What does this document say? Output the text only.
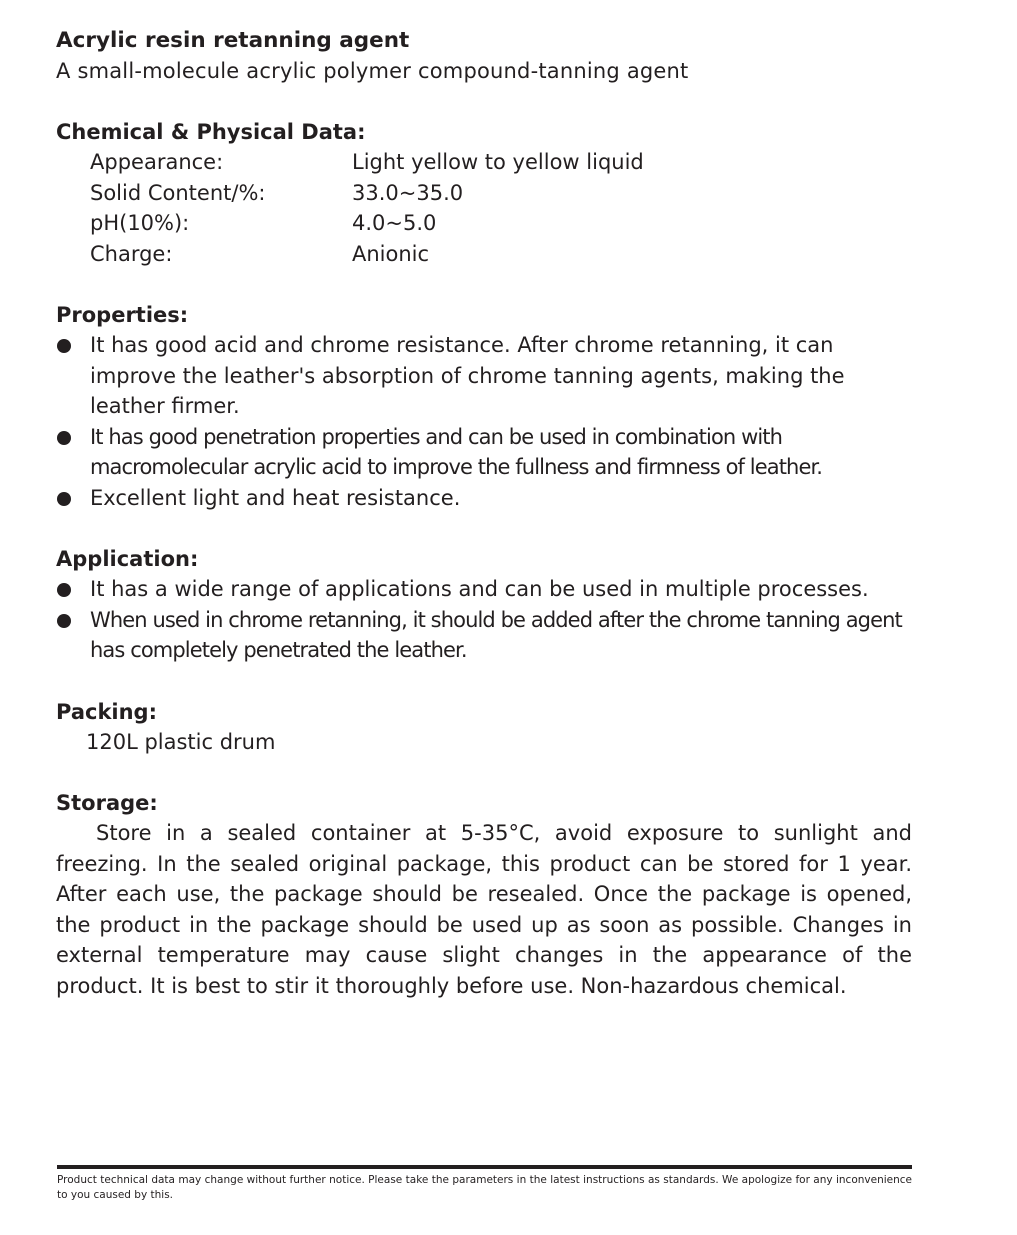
Acrylic resin retanning agent

A small-molecule acrylic polymer compound-tanning agent

Chemical & Physical Data:
Appearance:	Light yellow to yellow liquid
Solid Content/%:	33.0~35.0
pH(10%):	4.0~5.0
Charge:	Anionic
Properties:
It has good acid and chrome resistance. After chrome retanning, it can improve the leather's absorption of chrome tanning agents, making the leather firmer.
It has good penetration properties and can be used in combination with macromolecular acrylic acid to improve the fullness and firmness of leather.
Excellent light and heat resistance.
Application:
It has a wide range of applications and can be used in multiple processes.
When used in chrome retanning, it should be added after the chrome tanning agent has completely penetrated the leather.
Packing:

120L plastic drum

Storage:

Store in a sealed container at 5-35°C, avoid exposure to sunlight and freezing. In the sealed original package, this product can be stored for 1 year. After each use, the package should be resealed. Once the package is opened, the product in the package should be used up as soon as possible. Changes in external temperature may cause slight changes in the appearance of the product. It is best to stir it thoroughly before use. Non-hazardous chemical.

Product technical data may change without further notice. Please take the parameters in the latest instructions as standards. We apologize for any inconvenience to you caused by this.
